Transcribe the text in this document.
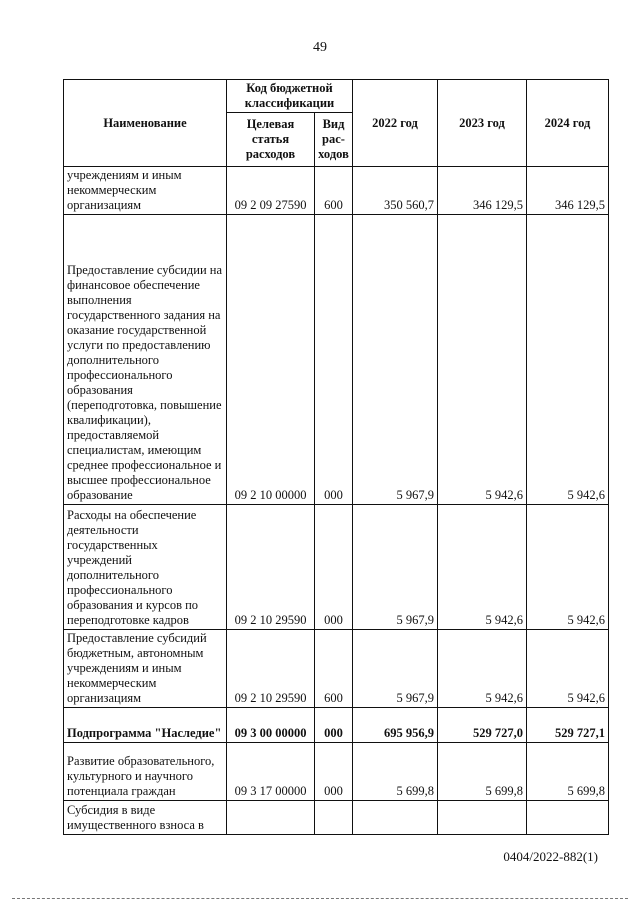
49
Наименование	Код бюджетной классификации		2022 год	2023 год	2024 год
	Целевая статья расходов	Вид рас-ходов			
учреждениям и иным некоммерческим организациям	09 2 09 27590	600	350 560,7	346 129,5	346 129,5
Предоставление субсидии на финансовое обеспечение выполнения государственного задания на оказание государственной услуги по предоставлению дополнительного профессионального образования (переподготовка, повышение квалификации), предоставляемой специалистам, имеющим среднее профессиональное и высшее профессиональное образование	09 2 10 00000	000	5 967,9	5 942,6	5 942,6
Расходы на обеспечение деятельности государственных учреждений дополнительного профессионального образования и курсов по переподготовке кадров	09 2 10 29590	000	5 967,9	5 942,6	5 942,6
Предоставление субсидий бюджетным, автономным учреждениям и иным некоммерческим организациям	09 2 10 29590	600	5 967,9	5 942,6	5 942,6
Подпрограмма "Наследие"	09 3 00 00000	000	695 956,9	529 727,0	529 727,1
Развитие образовательного, культурного и научного потенциала граждан	09 3 17 00000	000	5 699,8	5 699,8	5 699,8
Субсидия в виде имущественного взноса в					
0404/2022-882(1)
